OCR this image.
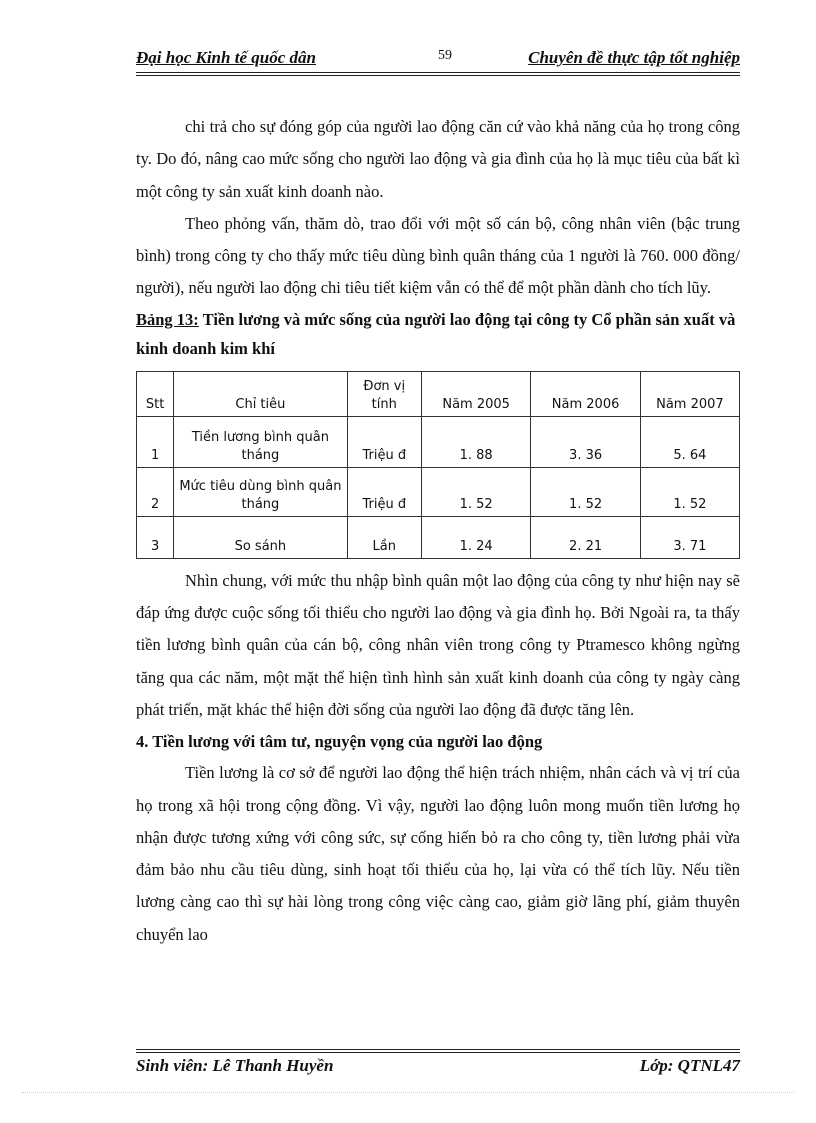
Đại học Kinh tế quốc dân	59	Chuyên đề thực tập tốt nghiệp

chi trả cho sự đóng góp của người lao động căn cứ vào khả năng của họ trong công ty. Do đó, nâng cao mức sống cho người lao động và gia đình của họ là mục tiêu của bất kì một công ty sản xuất kinh doanh nào.

Theo phỏng vấn, thăm dò, trao đổi với một số cán bộ, công nhân viên (bậc trung bình) trong công ty cho thấy mức tiêu dùng bình quân tháng của 1 người là 760. 000 đồng/ người), nếu người lao động chi tiêu tiết kiệm vẫn có thể để một phần dành cho tích lũy.

Bảng 13: Tiền lương và mức sống của người lao động tại công ty Cổ phần sản xuất và kinh doanh kim khí
Stt	Chỉ tiêu	Đơn vị tính	Năm 2005	Năm 2006	Năm 2007
1	Tiền lương bình quân tháng	Triệu đ	1. 88	3. 36	5. 64
2	Mức tiêu dùng bình quân tháng	Triệu đ	1. 52	1. 52	1. 52
3	So sánh	Lần	1. 24	2. 21	3. 71

Nhìn chung, với mức thu nhập bình quân một lao động của công ty như hiện nay sẽ đáp ứng được cuộc sống tối thiểu cho người lao động và gia đình họ. Bởi Ngoài ra, ta thấy tiền lương bình quân của cán bộ, công nhân viên trong công ty Ptramesco không ngừng tăng qua các năm, một mặt thể hiện tình hình sản xuất kinh doanh của công ty ngày càng phát triển, mặt khác thể hiện đời sống của người lao động đã được tăng lên.

4. Tiền lương với tâm tư, nguyện vọng của người lao động

Tiền lương là cơ sở để người lao động thể hiện trách nhiệm, nhân cách và vị trí của họ trong xã hội trong cộng đồng. Vì vậy, người lao động luôn mong muốn tiền lương họ nhận được tương xứng với công sức, sự cống hiến bỏ ra cho công ty, tiền lương phải vừa đảm bảo nhu cầu tiêu dùng, sinh hoạt tối thiểu của họ, lại vừa có thể tích lũy. Nếu tiền lương càng cao thì sự hài lòng trong công việc càng cao, giảm giờ lãng phí, giảm thuyên chuyển lao

Sinh viên: Lê Thanh Huyền	Lớp: QTNL47
